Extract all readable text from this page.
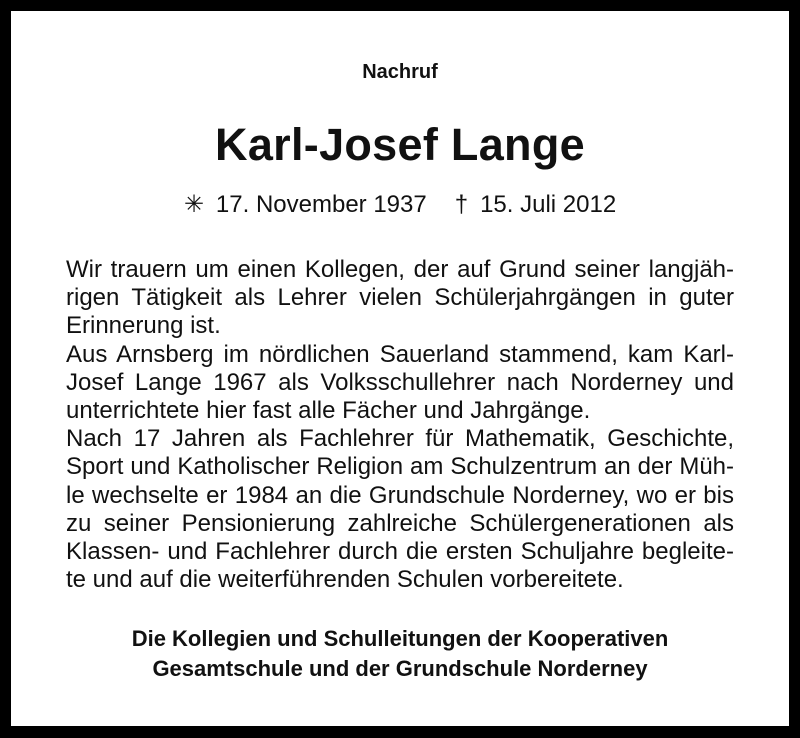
Nachruf
Karl-Josef Lange
✳ 17. November 1937 † 15. Juli 2012
Wir trauern um einen Kollegen, der auf Grund seiner langjäh-
rigen Tätigkeit als Lehrer vielen Schülerjahrgängen in guter
Erinnerung ist.
Aus Arnsberg im nördlichen Sauerland stammend, kam Karl-
Josef Lange 1967 als Volksschullehrer nach Norderney und
unterrichtete hier fast alle Fächer und Jahrgänge.
Nach 17 Jahren als Fachlehrer für Mathematik, Geschichte,
Sport und Katholischer Religion am Schulzentrum an der Müh-
le wechselte er 1984 an die Grundschule Norderney, wo er bis
zu seiner Pensionierung zahlreiche Schülergenerationen als
Klassen- und Fachlehrer durch die ersten Schuljahre begleite-
te und auf die weiterführenden Schulen vorbereitete.
Die Kollegien und Schulleitungen der Kooperativen
Gesamtschule und der Grundschule Norderney
